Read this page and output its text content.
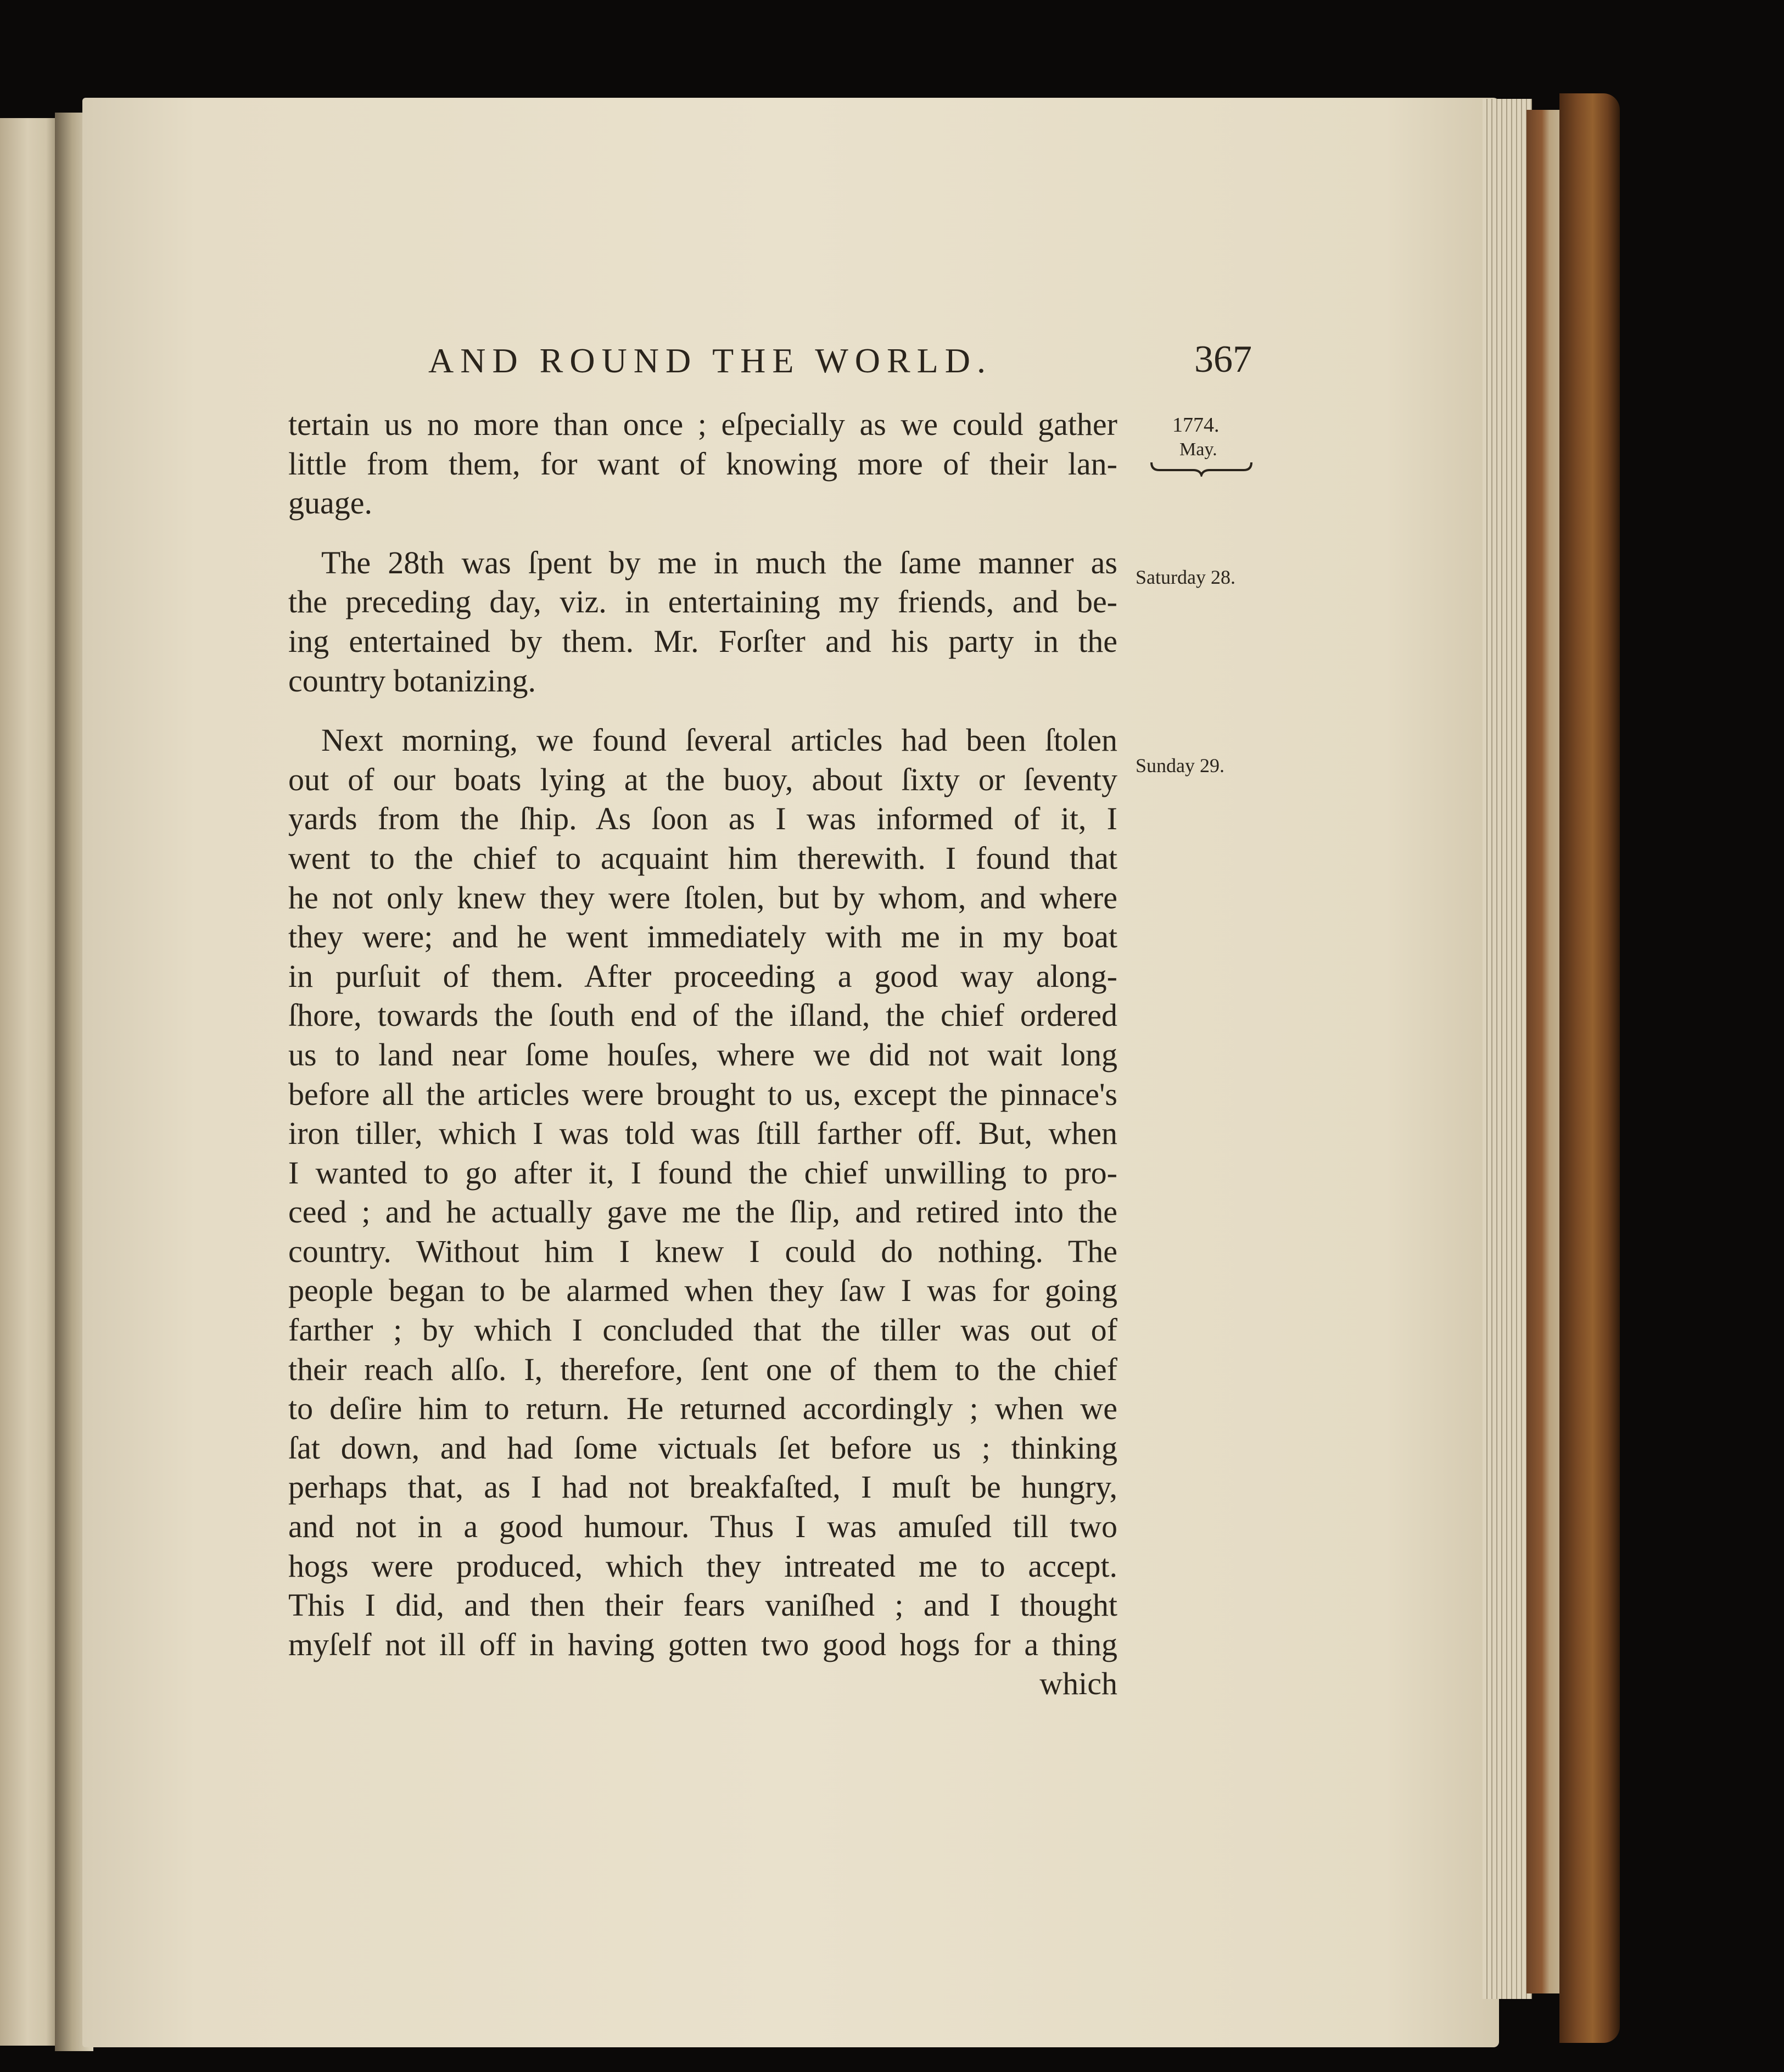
AND ROUND THE WORLD.	367
1774.
May.
Saturday 28.
Sunday 29.
tertain us no more than once ; eſpecially as we could gather
little from them, for want of knowing more of their lan-
guage.
The 28th was ſpent by me in much the ſame manner as
the preceding day, viz. in entertaining my friends, and be-
ing entertained by them. Mr. Forſter and his party in the
country botanizing.
Next morning, we found ſeveral articles had been ſtolen
out of our boats lying at the buoy, about ſixty or ſeventy
yards from the ſhip. As ſoon as I was informed of it, I
went to the chief to acquaint him therewith. I found that
he not only knew they were ſtolen, but by whom, and where
they were; and he went immediately with me in my boat
in purſuit of them. After proceeding a good way along-
ſhore, towards the ſouth end of the iſland, the chief ordered
us to land near ſome houſes, where we did not wait long
before all the articles were brought to us, except the pinnace's
iron tiller, which I was told was ſtill farther off. But, when
I wanted to go after it, I found the chief unwilling to pro-
ceed ; and he actually gave me the ſlip, and retired into the
country. Without him I knew I could do nothing. The
people began to be alarmed when they ſaw I was for going
farther ; by which I concluded that the tiller was out of
their reach alſo. I, therefore, ſent one of them to the chief
to deſire him to return. He returned accordingly ; when we
ſat down, and had ſome victuals ſet before us ; thinking
perhaps that, as I had not breakfaſted, I muſt be hungry,
and not in a good humour. Thus I was amuſed till two
hogs were produced, which they intreated me to accept.
This I did, and then their fears vaniſhed ; and I thought
myſelf not ill off in having gotten two good hogs for a thing
which
